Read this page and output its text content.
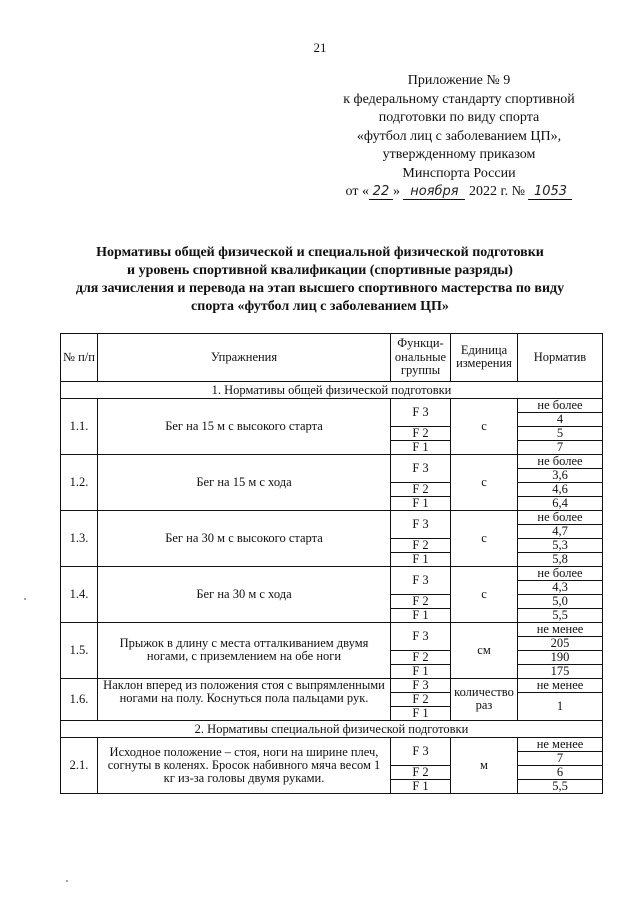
21
Приложение № 9
к федеральному стандарту спортивной
подготовки по виду спорта
«футбол лиц с заболеванием ЦП»,
утвержденному приказом
Минспорта России
от « 22 » ноября 2022 г. № 1053
Нормативы общей физической и специальной физической подготовки
и уровень спортивной квалификации (спортивные разряды)
для зачисления и перевода на этап высшего спортивного мастерства по виду
спорта «футбол лиц с заболеванием ЦП»
№ п/п	Упражнения	Функци-ональные группы	Единица измерения	Норматив
1. Нормативы общей физической подготовки				
1.1.	Бег на 15 м с высокого старта	F 3	с	не более
				4
		F 2		5
		F 1		7
1.2.	Бег на 15 м с хода	F 3	с	не более
				3,6
		F 2		4,6
		F 1		6,4
1.3.	Бег на 30 м с высокого старта	F 3	с	не более
				4,7
		F 2		5,3
		F 1		5,8
1.4.	Бег на 30 м с хода	F 3	с	не более
				4,3
		F 2		5,0
		F 1		5,5
1.5.	Прыжок в длину с места отталкиванием двумя ногами, с приземлением на обе ноги	F 3	см	не менее
				205
		F 2		190
		F 1		175
1.6.	Наклон вперед из положения стоя с выпрямленными ногами на полу. Коснуться пола пальцами рук.	F 3	количество раз	не менее
				1
		F 2		
		F 1		
2. Нормативы специальной физической подготовки				
2.1.	Исходное положение – стоя, ноги на ширине плеч, согнуты в коленях. Бросок набивного мяча весом 1 кг из-за головы двумя руками.	F 3	м	не менее
				7
		F 2		6
		F 1		5,5
